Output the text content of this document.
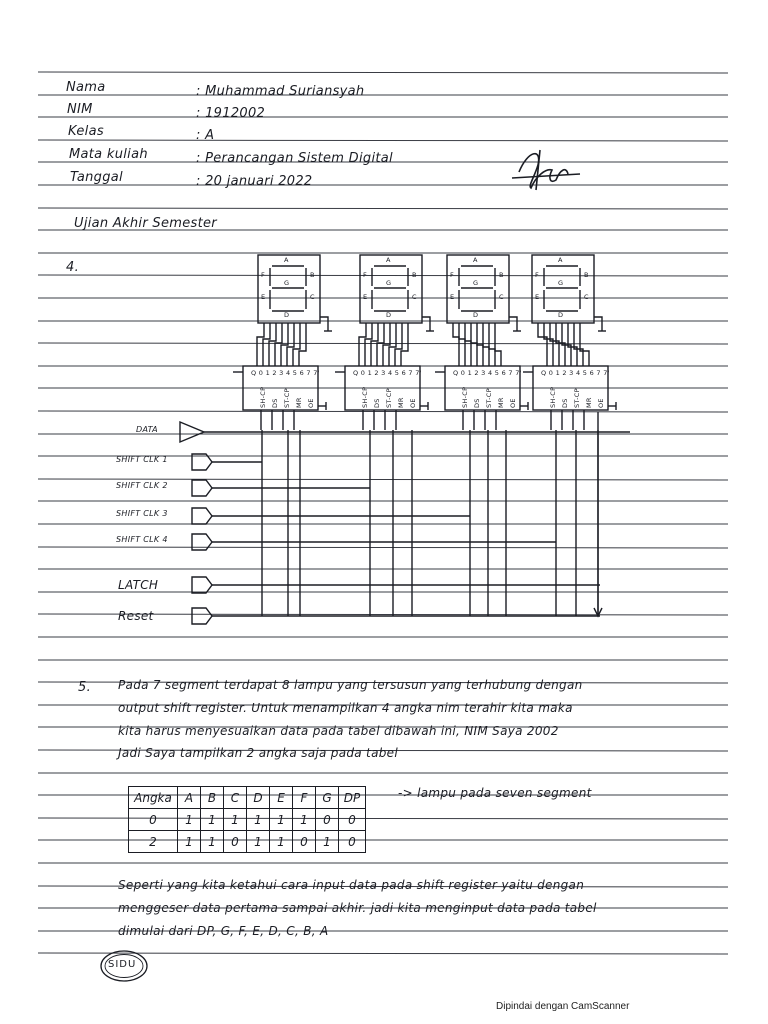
Nama	: Muhammad Suriansyah
NIM	: 1912002
Kelas	: A
Mata kuliah	: Perancangan Sistem Digital
Tanggal	: 20 januari 2022
Ujian Akhir Semester
4.	A
B
C
D
E
F
G
A
B
C
D
E
F
G
A
B
C
D
E
F
G
A
B
C
D
E
F
G
Q 0 1 2 3 4 5 6 7 7'
SH-CP DS ST-CP MR OE
Q 0 1 2 3 4 5 6 7 7'
SH-CP DS ST-CP MR OE
Q 0 1 2 3 4 5 6 7 7'
SH-CP DS ST-CP MR OE
Q 0 1 2 3 4 5 6 7 7'
SH-CP DS ST-CP MR OE
DATA
SHIFT CLK 1
SHIFT CLK 2
SHIFT CLK 3
SHIFT CLK 4
LATCH
Reset
5. Pada 7 segment terdapat 8 lampu yang tersusun yang terhubung dengan
output shift register. Untuk menampilkan 4 angka nim terahir kita maka
kita harus menyesuaikan data pada tabel dibawah ini, NIM Saya 2002
Jadi Saya tampilkan 2 angka saja pada tabel
Angka	A	B	C	D	E	F	G	DP
0	1	1	1	1	1	1	0	0
2	1	1	0	1	1	0	1	0
-> lampu pada seven segment
Seperti yang kita ketahui cara input data pada shift register yaitu dengan
menggeser data pertama sampai akhir. jadi kita menginput data pada tabel
dimulai dari DP, G, F, E, D, C, B, A
SIDU
Dipindai dengan CamScanner
